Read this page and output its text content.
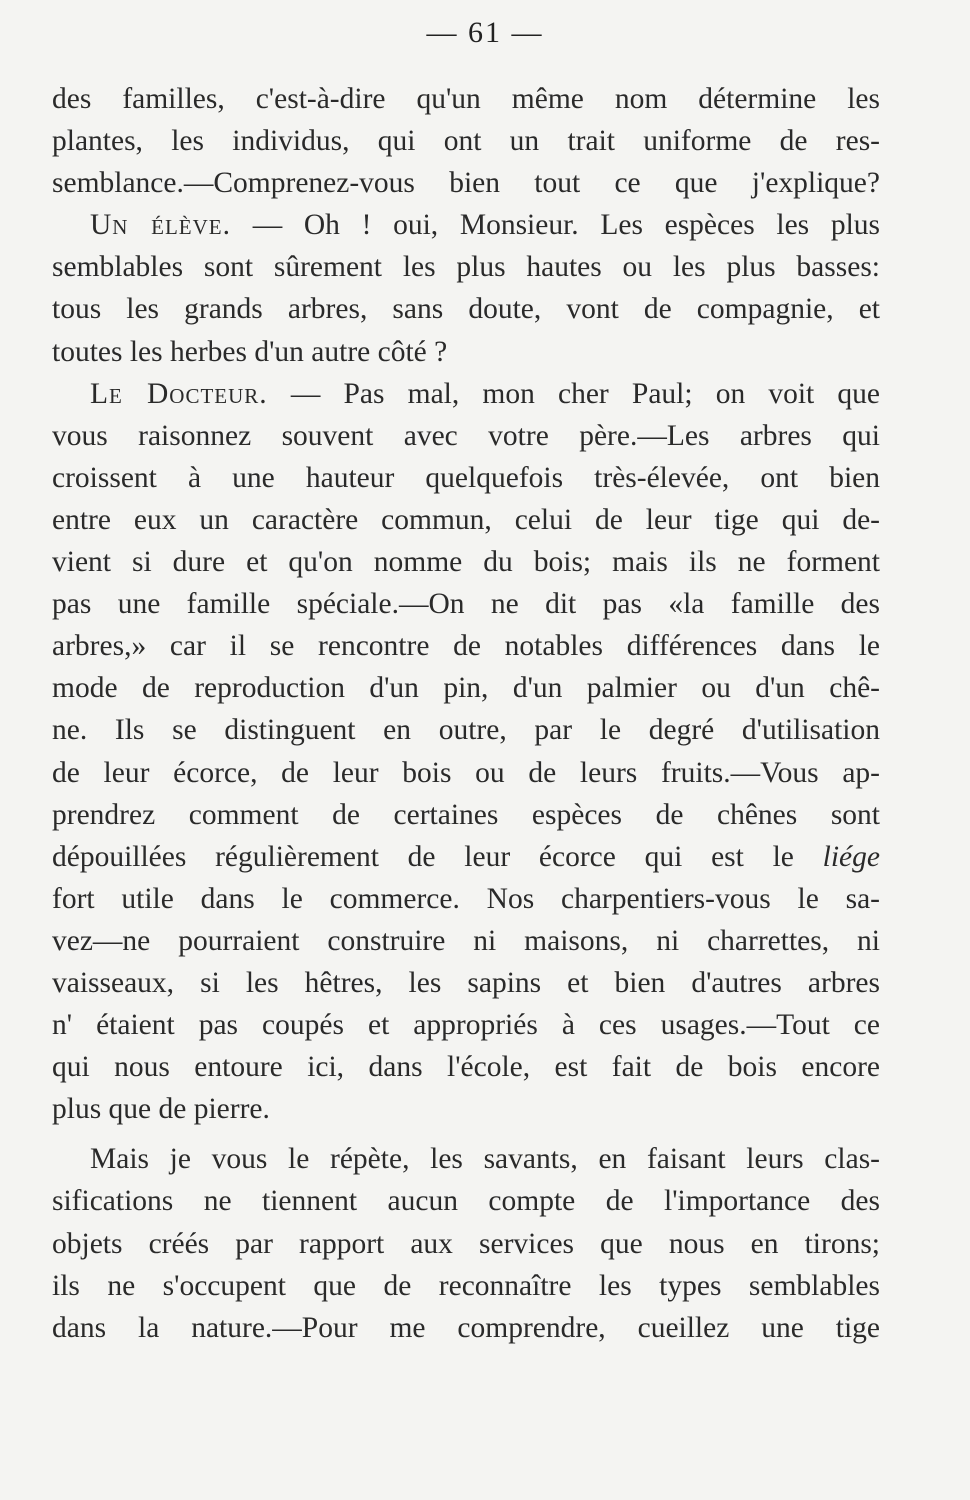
— 61 —
des familles, c'est-à-dire qu'un même nom détermine les
plantes, les individus, qui ont un trait uniforme de res-
semblance.—Comprenez-vous bien tout ce que j'explique?
Un élève. — Oh ! oui, Monsieur. Les espèces les plus
semblables sont sûrement les plus hautes ou les plus basses:
tous les grands arbres, sans doute, vont de compagnie, et
toutes les herbes d'un autre côté ?
Le Docteur. — Pas mal, mon cher Paul; on voit que
vous raisonnez souvent avec votre père.—Les arbres qui
croissent à une hauteur quelquefois très-élevée, ont bien
entre eux un caractère commun, celui de leur tige qui de-
vient si dure et qu'on nomme du bois; mais ils ne forment
pas une famille spéciale.—On ne dit pas «la famille des
arbres,» car il se rencontre de notables différences dans le
mode de reproduction d'un pin, d'un palmier ou d'un chê-
ne. Ils se distinguent en outre, par le degré d'utilisation
de leur écorce, de leur bois ou de leurs fruits.—Vous ap-
prendrez comment de certaines espèces de chênes sont
dépouillées régulièrement de leur écorce qui est le liége
fort utile dans le commerce. Nos charpentiers-vous le sa-
vez—ne pourraient construire ni maisons, ni charrettes, ni
vaisseaux, si les hêtres, les sapins et bien d'autres arbres
n' étaient pas coupés et appropriés à ces usages.—Tout ce
qui nous entoure ici, dans l'école, est fait de bois encore
plus que de pierre.
Mais je vous le répète, les savants, en faisant leurs clas-
sifications ne tiennent aucun compte de l'importance des
objets créés par rapport aux services que nous en tirons;
ils ne s'occupent que de reconnaître les types semblables
dans la nature.—Pour me comprendre, cueillez une tige
